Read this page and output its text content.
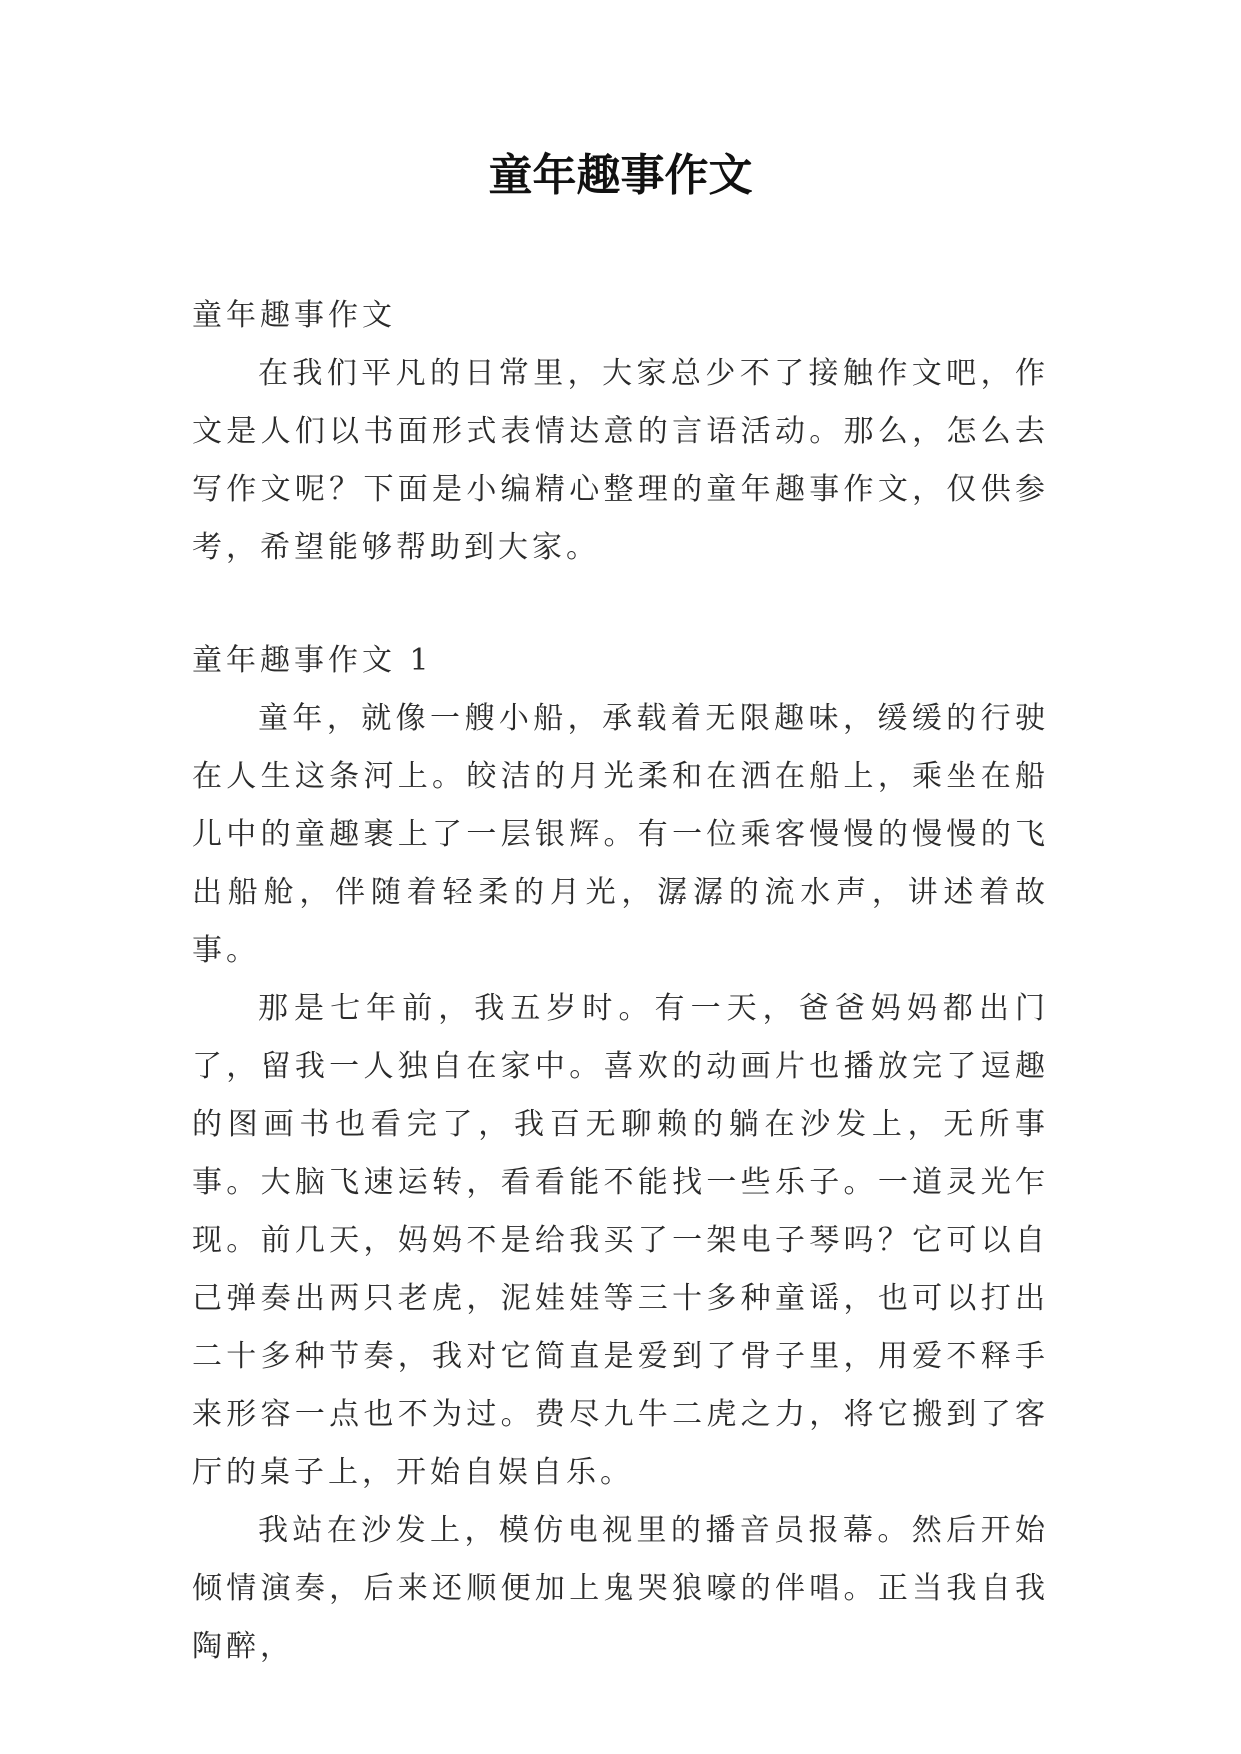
童年趣事作文

童年趣事作文

在我们平凡的日常里，大家总少不了接触作文吧，作文是人们以书面形式表情达意的言语活动。那么，怎么去写作文呢？下面是小编精心整理的童年趣事作文，仅供参考，希望能够帮助到大家。

童年趣事作文 1

童年，就像一艘小船，承载着无限趣味，缓缓的行驶在人生这条河上。皎洁的月光柔和在洒在船上，乘坐在船儿中的童趣裹上了一层银辉。有一位乘客慢慢的慢慢的飞出船舱，伴随着轻柔的月光，潺潺的流水声，讲述着故事。

那是七年前，我五岁时。有一天，爸爸妈妈都出门了，留我一人独自在家中。喜欢的动画片也播放完了逗趣的图画书也看完了，我百无聊赖的躺在沙发上，无所事事。大脑飞速运转，看看能不能找一些乐子。一道灵光乍现。前几天，妈妈不是给我买了一架电子琴吗？它可以自己弹奏出两只老虎，泥娃娃等三十多种童谣，也可以打出二十多种节奏，我对它简直是爱到了骨子里，用爱不释手来形容一点也不为过。费尽九牛二虎之力，将它搬到了客厅的桌子上，开始自娱自乐。

我站在沙发上，模仿电视里的播音员报幕。然后开始倾情演奏，后来还顺便加上鬼哭狼嚎的伴唱。正当我自我陶醉，
